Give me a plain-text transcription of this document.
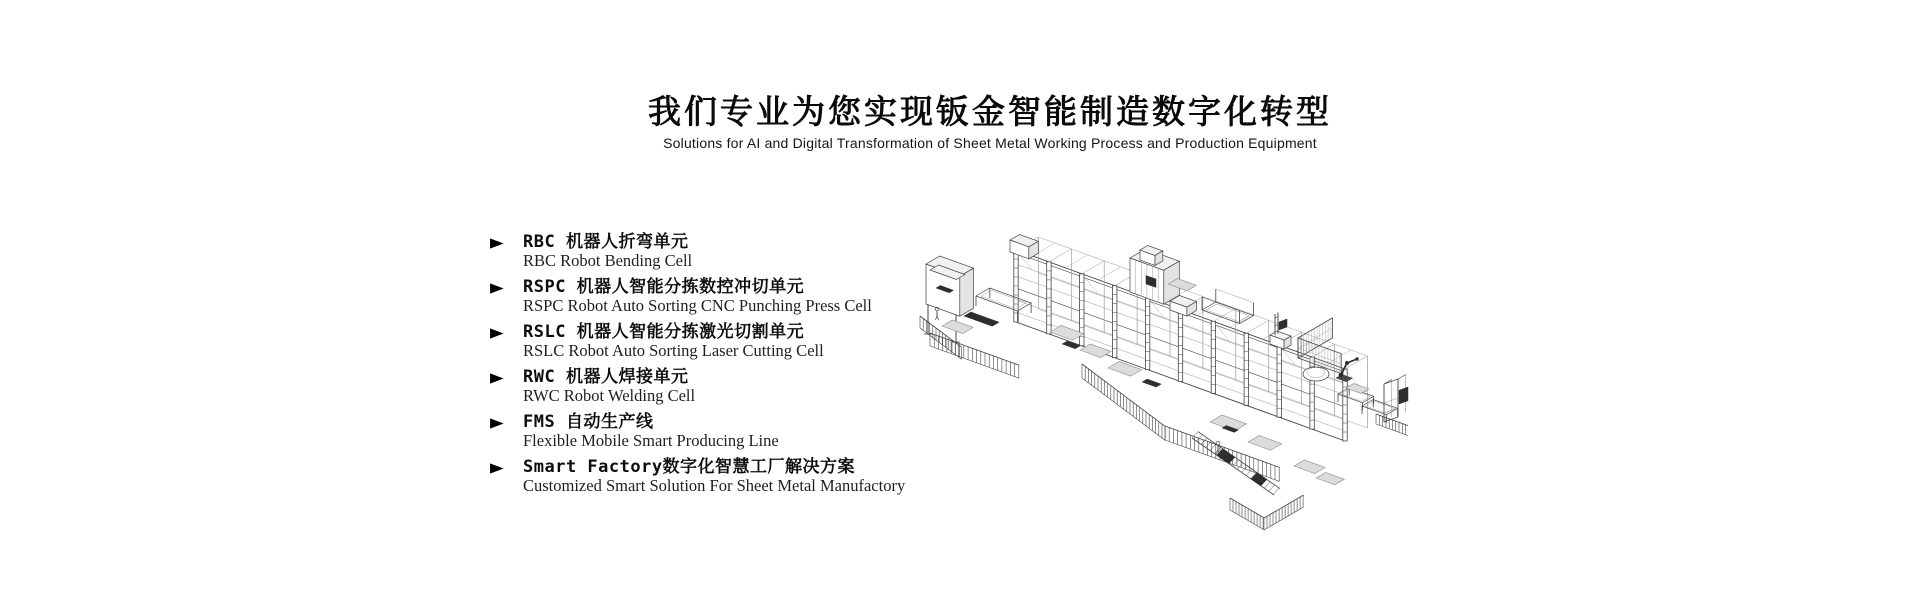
我们专业为您实现钣金智能制造数字化转型

Solutions for AI and Digital Transformation of Sheet Metal Working Process and Production Equipment

▶	RBC 机器人折弯单元
RBC Robot Bending Cell
▶	RSPC 机器人智能分拣数控冲切单元
RSPC Robot Auto Sorting CNC Punching Press Cell
▶	RSLC 机器人智能分拣激光切割单元
RSLC Robot Auto Sorting Laser Cutting Cell
▶	RWC 机器人焊接单元
RWC Robot Welding Cell
▶	FMS 自动生产线
Flexible Mobile Smart Producing Line
▶	Smart Factory数字化智慧工厂解决方案
Customized Smart Solution For Sheet Metal Manufactory
